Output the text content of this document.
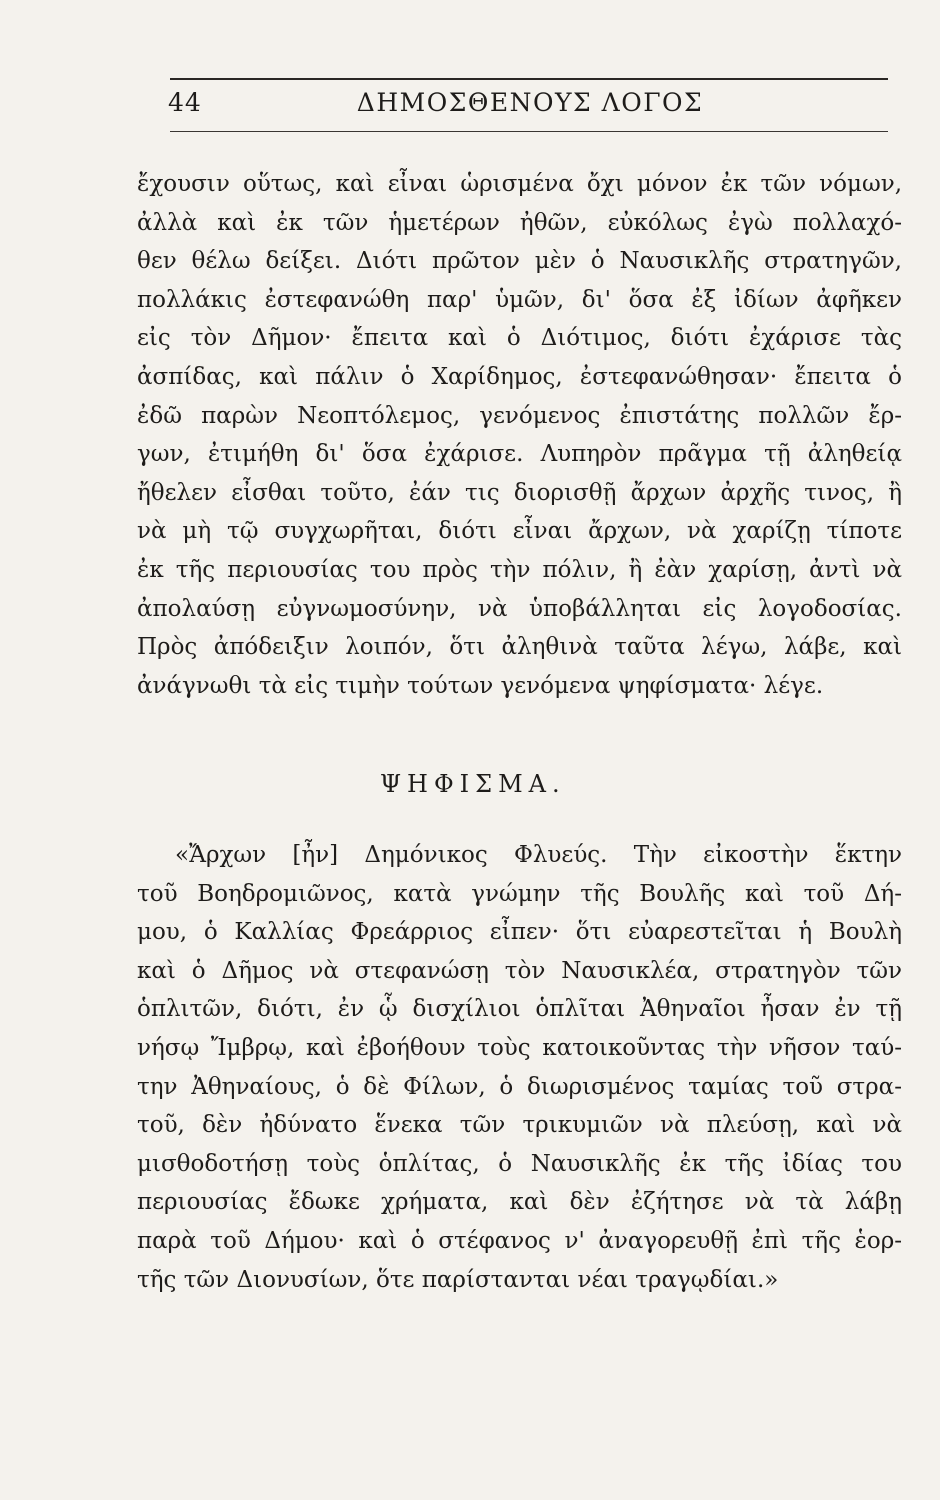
44	ΔΗΜΟΣΘΕΝΟΥΣ ΛΟΓΟΣ
ἔχουσιν οὕτως, καὶ εἶναι ὡρισμένα ὄχι μόνον ἐκ τῶν νόμων,
ἀλλὰ καὶ ἐκ τῶν ἡμετέρων ἠθῶν, εὐκόλως ἐγὼ πολλαχό-
θεν θέλω δείξει. Διότι πρῶτον μὲν ὁ Ναυσικλῆς στρατηγῶν,
πολλάκις ἐστεφανώθη παρ' ὑμῶν, δι' ὅσα ἐξ ἰδίων ἀφῆκεν
εἰς τὸν Δῆμον· ἔπειτα καὶ ὁ Διότιμος, διότι ἐχάρισε τὰς
ἀσπίδας, καὶ πάλιν ὁ Χαρίδημος, ἐστεφανώθησαν· ἔπειτα ὁ
ἐδῶ παρὼν Νεοπτόλεμος, γενόμενος ἐπιστάτης πολλῶν ἔρ-
γων, ἐτιμήθη δι' ὅσα ἐχάρισε. Λυπηρὸν πρᾶγμα τῇ ἀληθείᾳ
ἤθελεν εἶσθαι τοῦτο, ἐάν τις διορισθῇ ἄρχων ἀρχῆς τινος, ἢ
νὰ μὴ τῷ συγχωρῆται, διότι εἶναι ἄρχων, νὰ χαρίζῃ τίποτε
ἐκ τῆς περιουσίας του πρὸς τὴν πόλιν, ἢ ἐὰν χαρίσῃ, ἀντὶ νὰ
ἀπολαύσῃ εὐγνωμοσύνην, νὰ ὑποβάλληται εἰς λογοδοσίας.
Πρὸς ἀπόδειξιν λοιπόν, ὅτι ἀληθινὰ ταῦτα λέγω, λάβε, καὶ
ἀνάγνωθι τὰ εἰς τιμὴν τούτων γενόμενα ψηφίσματα· λέγε.
ΨΗΦΙΣΜΑ.
«Ἄρχων [ἦν] Δημόνικος Φλυεύς. Τὴν εἰκοστὴν ἕκτην
τοῦ Βοηδρομιῶνος, κατὰ γνώμην τῆς Βουλῆς καὶ τοῦ Δή-
μου, ὁ Καλλίας Φρεάρριος εἶπεν· ὅτι εὐαρεστεῖται ἡ Βουλὴ
καὶ ὁ Δῆμος νὰ στεφανώσῃ τὸν Ναυσικλέα, στρατηγὸν τῶν
ὁπλιτῶν, διότι, ἐν ᾧ δισχίλιοι ὁπλῖται Ἀθηναῖοι ἦσαν ἐν τῇ
νήσῳ Ἴμβρῳ, καὶ ἐβοήθουν τοὺς κατοικοῦντας τὴν νῆσον ταύ-
την Ἀθηναίους, ὁ δὲ Φίλων, ὁ διωρισμένος ταμίας τοῦ στρα-
τοῦ, δὲν ἠδύνατο ἕνεκα τῶν τρικυμιῶν νὰ πλεύσῃ, καὶ νὰ
μισθοδοτήσῃ τοὺς ὁπλίτας, ὁ Ναυσικλῆς ἐκ τῆς ἰδίας του
περιουσίας ἔδωκε χρήματα, καὶ δὲν ἐζήτησε νὰ τὰ λάβῃ
παρὰ τοῦ Δήμου· καὶ ὁ στέφανος ν' ἀναγορευθῇ ἐπὶ τῆς ἑορ-
τῆς τῶν Διονυσίων, ὅτε παρίστανται νέαι τραγῳδίαι.»
